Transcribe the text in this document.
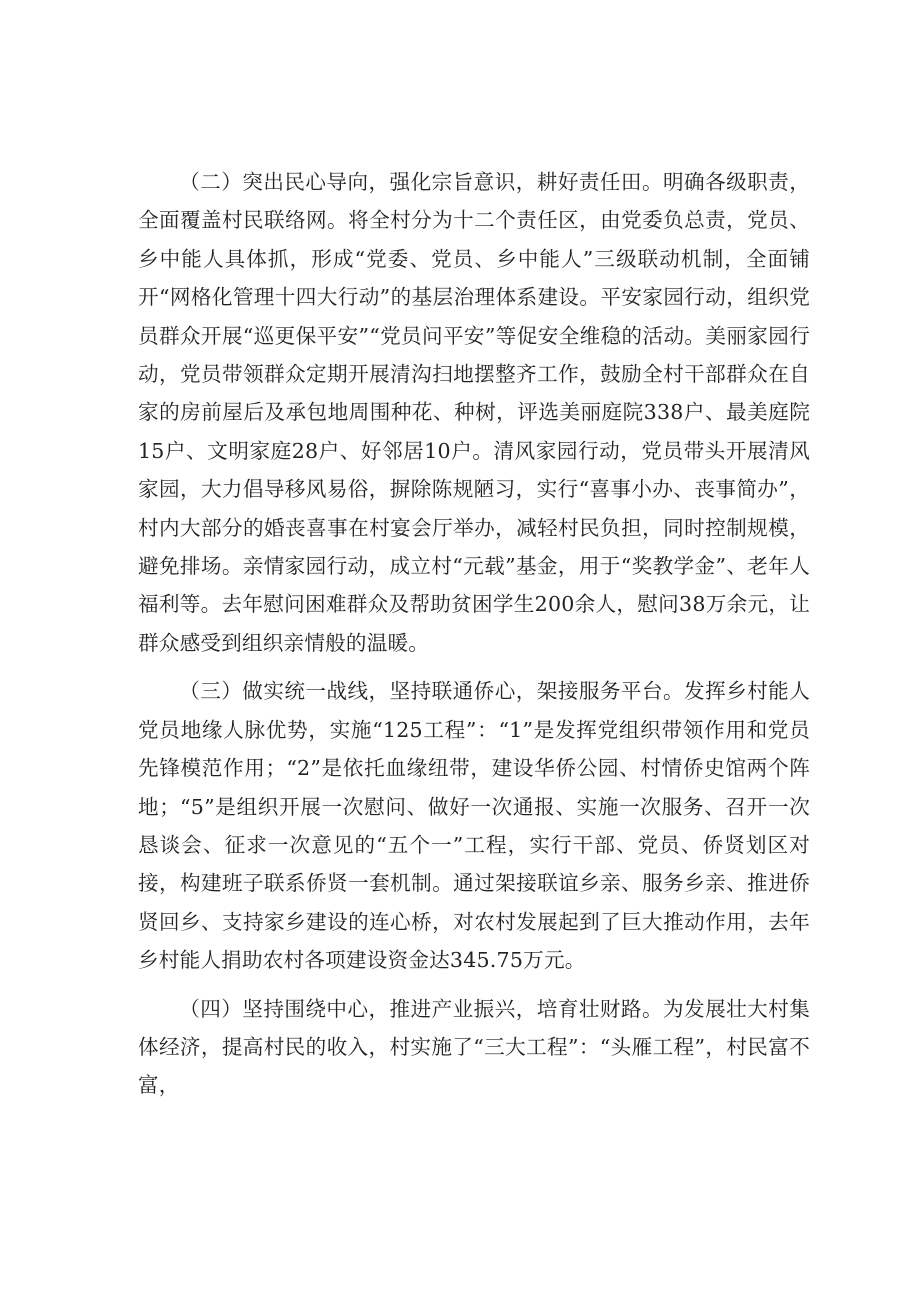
（二）突出民心导向，强化宗旨意识，耕好责任田。明确各级职责，全面覆盖村民联络网。将全村分为十二个责任区，由党委负总责，党员、乡中能人具体抓，形成“党委、党员、乡中能人”三级联动机制，全面铺开“网格化管理十四大行动”的基层治理体系建设。平安家园行动，组织党员群众开展“巡更保平安”“党员问平安”等促安全维稳的活动。美丽家园行动，党员带领群众定期开展清沟扫地摆整齐工作，鼓励全村干部群众在自家的房前屋后及承包地周围种花、种树，评选美丽庭院338户、最美庭院15户、文明家庭28户、好邻居10户。清风家园行动，党员带头开展清风家园，大力倡导移风易俗，摒除陈规陋习，实行“喜事小办、丧事简办”，村内大部分的婚丧喜事在村宴会厅举办，减轻村民负担，同时控制规模，避免排场。亲情家园行动，成立村“元载”基金，用于“奖教学金”、老年人福利等。去年慰问困难群众及帮助贫困学生200余人，慰问38万余元，让群众感受到组织亲情般的温暖。

（三）做实统一战线，坚持联通侨心，架接服务平台。发挥乡村能人党员地缘人脉优势，实施“125工程”：“1”是发挥党组织带领作用和党员先锋模范作用；“2”是依托血缘纽带，建设华侨公园、村情侨史馆两个阵地；“5”是组织开展一次慰问、做好一次通报、实施一次服务、召开一次恳谈会、征求一次意见的“五个一”工程，实行干部、党员、侨贤划区对接，构建班子联系侨贤一套机制。通过架接联谊乡亲、服务乡亲、推进侨贤回乡、支持家乡建设的连心桥，对农村发展起到了巨大推动作用，去年乡村能人捐助农村各项建设资金达345.75万元。

（四）坚持围绕中心，推进产业振兴，培育壮财路。为发展壮大村集体经济，提高村民的收入，村实施了“三大工程”：“头雁工程”，村民富不富，
